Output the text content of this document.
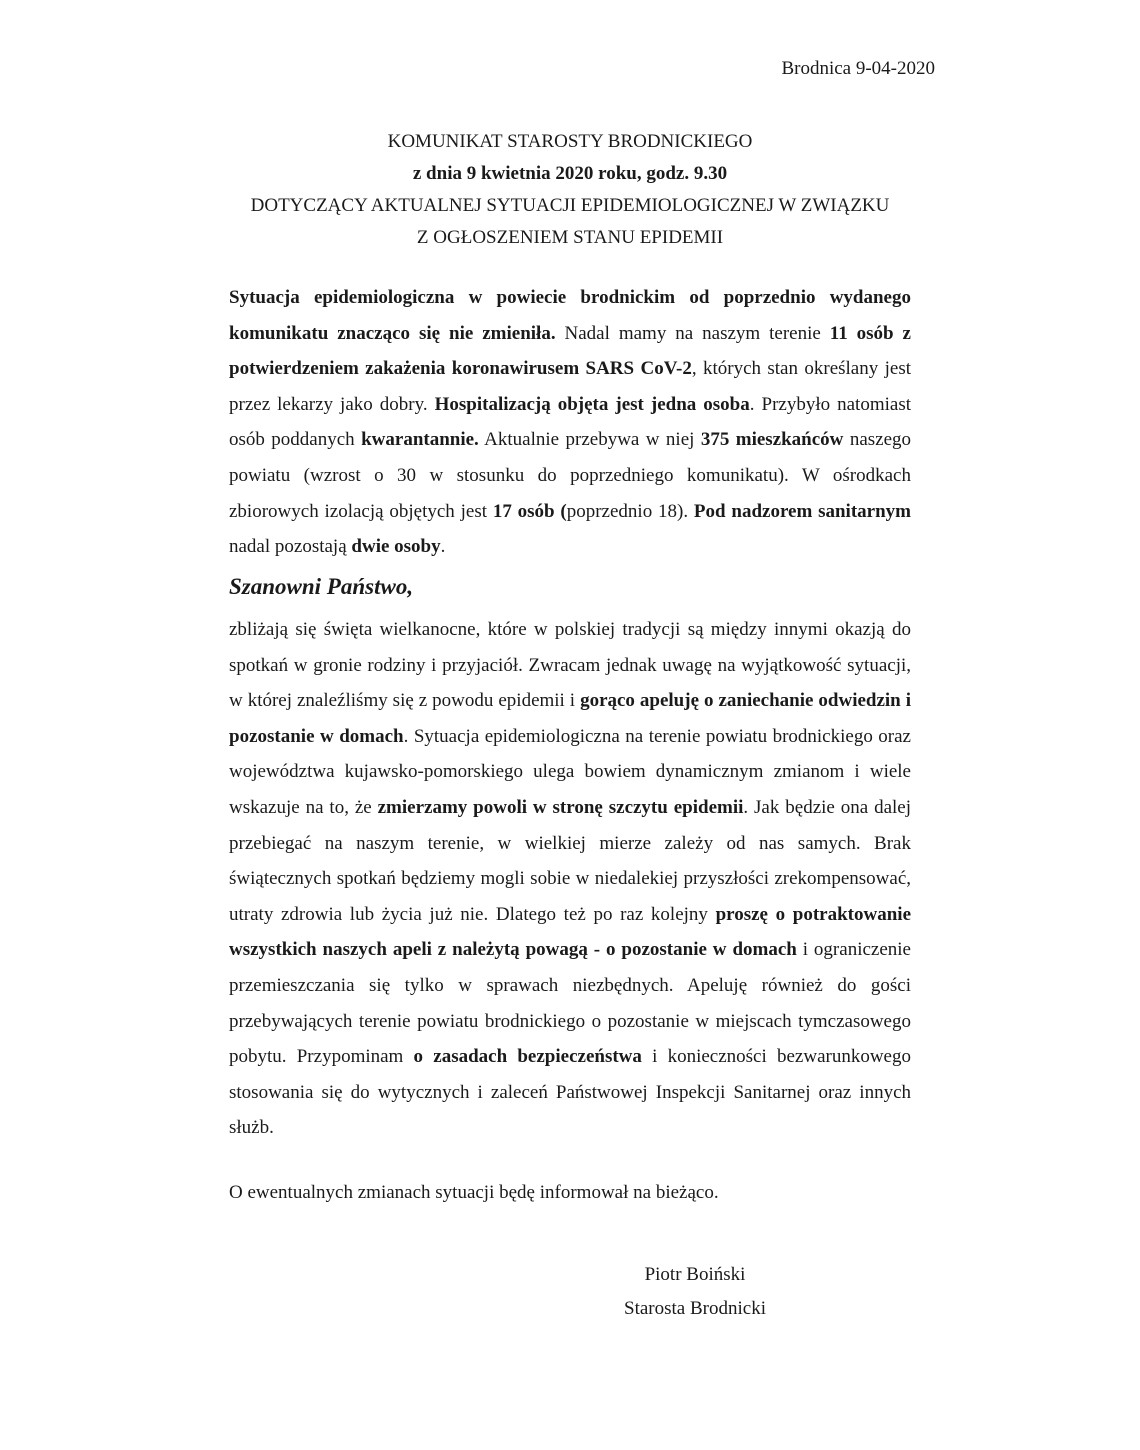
Brodnica 9-04-2020
KOMUNIKAT STAROSTY BRODNICKIEGO
z dnia 9 kwietnia 2020 roku, godz. 9.30
DOTYCZĄCY AKTUALNEJ SYTUACJI EPIDEMIOLOGICZNEJ W ZWIĄZKU
Z OGŁOSZENIEM STANU EPIDEMII

Sytuacja epidemiologiczna w powiecie brodnickim od poprzednio wydanego komunikatu znacząco się nie zmieniła. Nadal mamy na naszym terenie 11 osób z potwierdzeniem zakażenia koronawirusem SARS CoV-2, których stan określany jest przez lekarzy jako dobry. Hospitalizacją objęta jest jedna osoba. Przybyło natomiast osób poddanych kwarantannie. Aktualnie przebywa w niej 375 mieszkańców naszego powiatu (wzrost o 30 w stosunku do poprzedniego komunikatu). W ośrodkach zbiorowych izolacją objętych jest 17 osób (poprzednio 18). Pod nadzorem sanitarnym nadal pozostają dwie osoby.

Szanowni Państwo,

zbliżają się święta wielkanocne, które w polskiej tradycji są między innymi okazją do spotkań w gronie rodziny i przyjaciół. Zwracam jednak uwagę na wyjątkowość sytuacji, w której znaleźliśmy się z powodu epidemii i gorąco apeluję o zaniechanie odwiedzin i pozostanie w domach. Sytuacja epidemiologiczna na terenie powiatu brodnickiego oraz województwa kujawsko-pomorskiego ulega bowiem dynamicznym zmianom i wiele wskazuje na to, że zmierzamy powoli w stronę szczytu epidemii. Jak będzie ona dalej przebiegać na naszym terenie, w wielkiej mierze zależy od nas samych. Brak świątecznych spotkań będziemy mogli sobie w niedalekiej przyszłości zrekompensować, utraty zdrowia lub życia już nie. Dlatego też po raz kolejny proszę o potraktowanie wszystkich naszych apeli z należytą powagą - o pozostanie w domach i ograniczenie przemieszczania się tylko w sprawach niezbędnych. Apeluję również do gości przebywających terenie powiatu brodnickiego o pozostanie w miejscach tymczasowego pobytu. Przypominam o zasadach bezpieczeństwa i konieczności bezwarunkowego stosowania się do wytycznych i zaleceń Państwowej Inspekcji Sanitarnej oraz innych służb.

O ewentualnych zmianach sytuacji będę informował na bieżąco.
Piotr Boiński
Starosta Brodnicki
